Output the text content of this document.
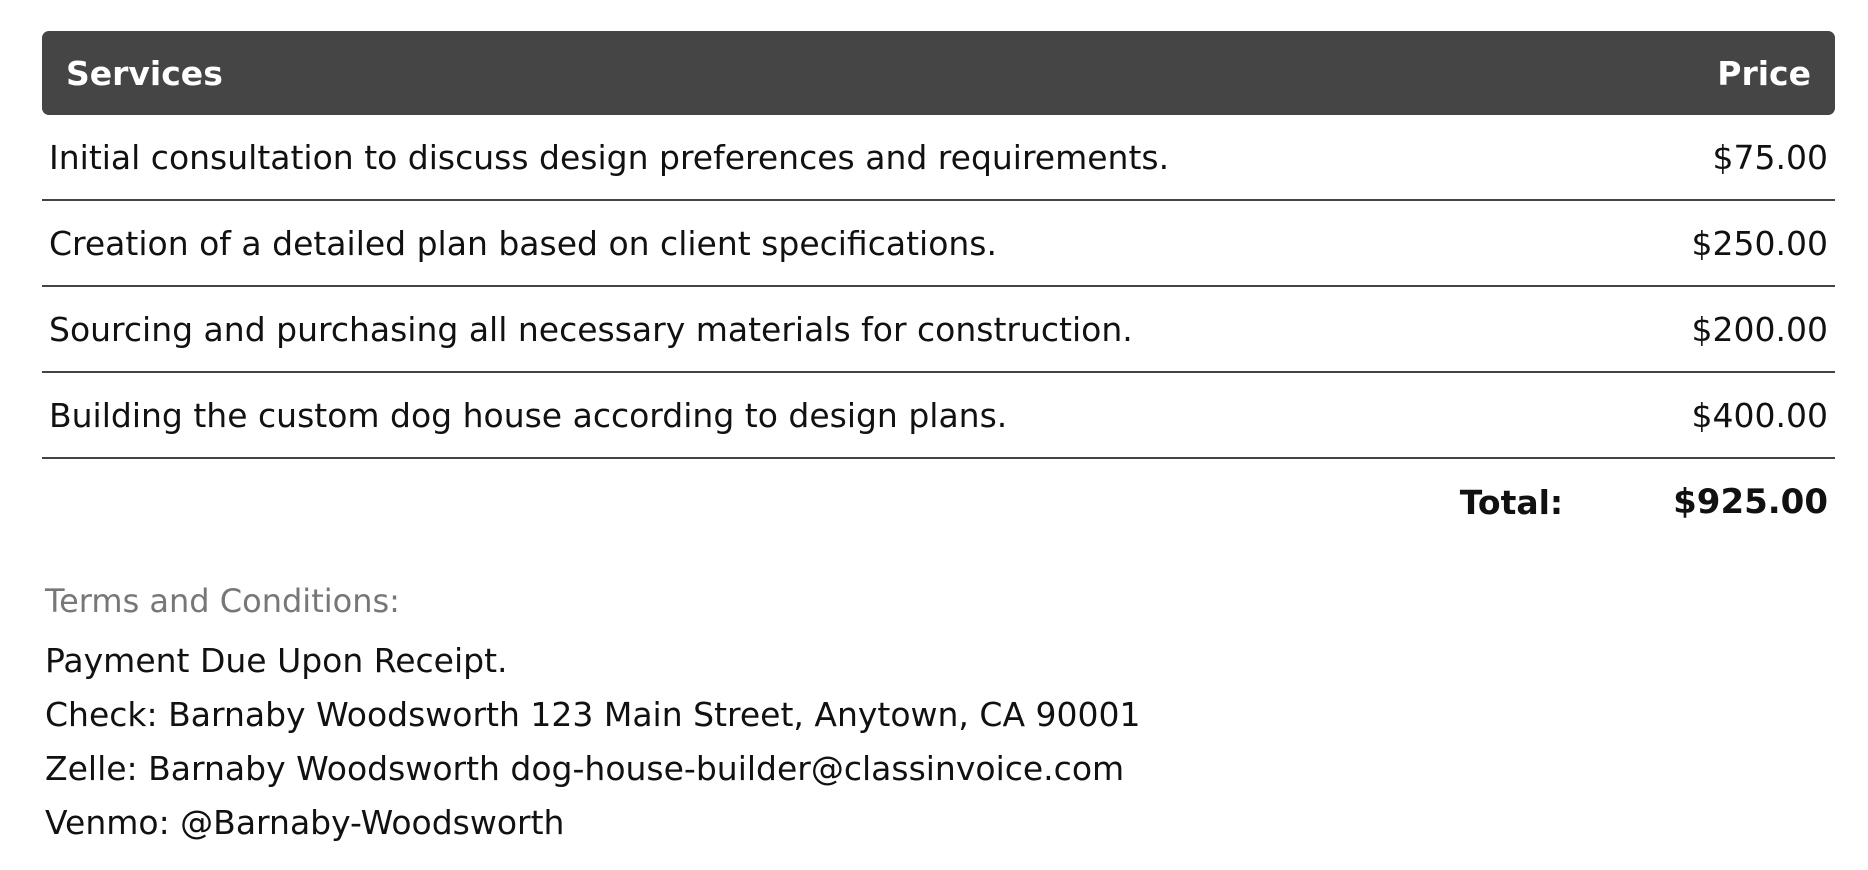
Services	Price
Initial consultation to discuss design preferences and requirements.	$75.00
Creation of a detailed plan based on client specifications.	$250.00
Sourcing and purchasing all necessary materials for construction.	$200.00
Building the custom dog house according to design plans.	$400.00
Total:	$925.00
Terms and Conditions:
Payment Due Upon Receipt.
Check: Barnaby Woodsworth 123 Main Street, Anytown, CA 90001
Zelle: Barnaby Woodsworth dog-house-builder@classinvoice.com
Venmo: @Barnaby-Woodsworth
